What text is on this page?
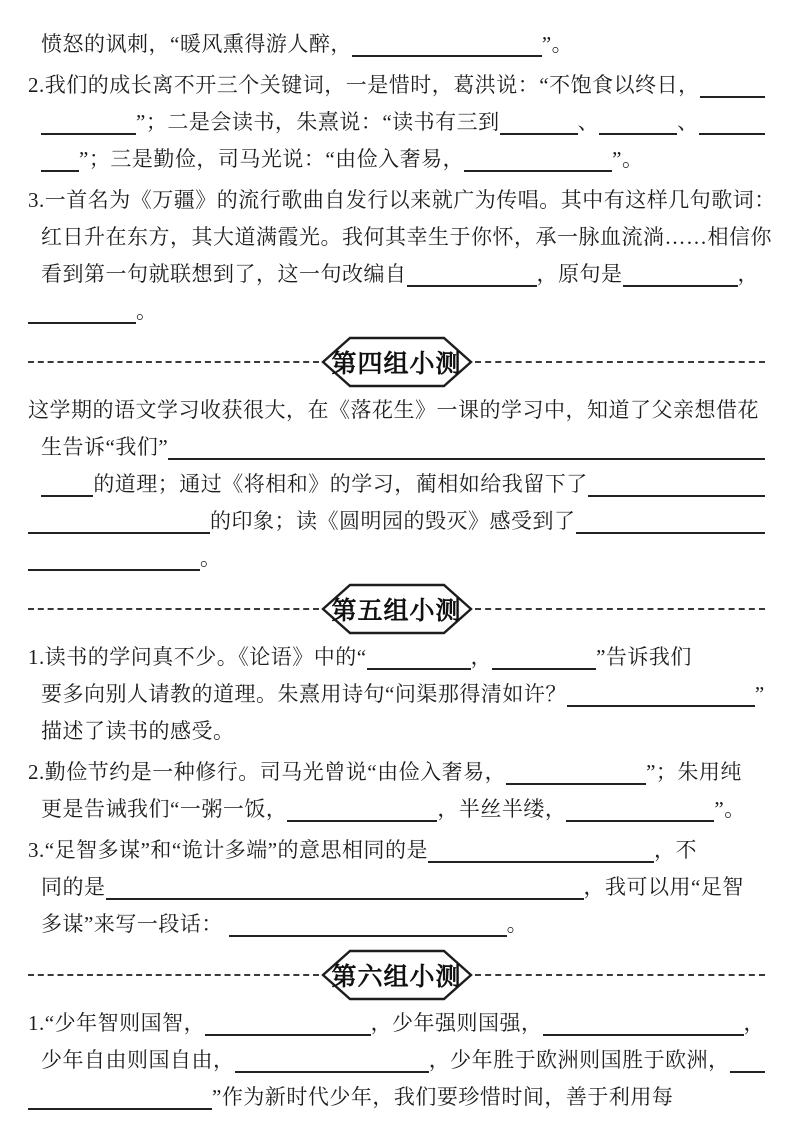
愤怒的讽刺，“暖风熏得游人醉，
	”。
2.我们的成长离不开三个关键词，一是惜时，葛洪说：“不饱食以终日，

”；二是会读书，朱熹说：“读书有三到
	、
	、

”；三是勤俭，司马光说：“由俭入奢易，
	”。
3.一首名为《万疆》的流行歌曲自发行以来就广为传唱。其中有这样几句歌词：
红日升在东方，其大道满霞光。我何其幸生于你怀，承一脉血流淌……相信你
看到第一句就联想到了，这一句改编自
	，原句是
	，

。
第四组小测
这学期的语文学习收获很大，在《落花生》一课的学习中，知道了父亲想借花
生告诉“我们”

的道理；通过《将相和》的学习，蔺相如给我留下了

的印象；读《圆明园的毁灭》感受到了

。
第五组小测
1.读书的学问真不少。《论语》中的“
	，
	”告诉我们
要多向别人请教的道理。朱熹用诗句“问渠那得清如许？
	”
描述了读书的感受。
2.勤俭节约是一种修行。司马光曾说“由俭入奢易，
	”；朱用纯
更是告诫我们“一粥一饭，
	，半丝半缕，
	”。
3.“足智多谋”和“诡计多端”的意思相同的是
	，不
同的是
	，我可以用“足智
多谋”来写一段话：
	。
第六组小测
1.“少年智则国智，
	，少年强则国强，
	，
少年自由则国自由，
	，少年胜于欧洲则国胜于欧洲，

”作为新时代少年，我们要珍惜时间，善于利用每
